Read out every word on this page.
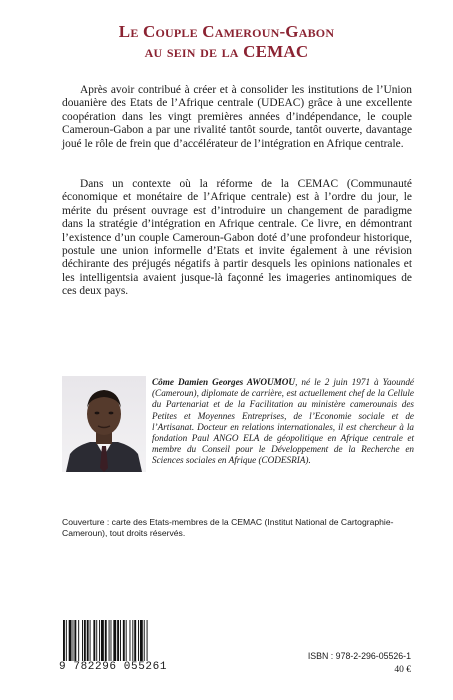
Le Couple Cameroun-Gabon
au sein de la CEMAC

Après avoir contribué à créer et à consolider les institutions de l’Union douanière des Etats de l’Afrique centrale (UDEAC) grâce à une excellente coopération dans les vingt premières années d’indépendance, le couple Cameroun-Gabon a par une rivalité tantôt sourde, tantôt ouverte, davantage joué le rôle de frein que d’accélérateur de l’intégration en Afrique centrale.

Dans un contexte où la réforme de la CEMAC (Communauté économique et monétaire de l’Afrique centrale) est à l’ordre du jour, le mérite du présent ouvrage est d’introduire un changement de paradigme dans la stratégie d’intégration en Afrique centrale. Ce livre, en démontrant l’existence d’un couple Cameroun-Gabon doté d’une profondeur historique, postule une union informelle d’Etats et invite également à une révision déchirante des préjugés négatifs à partir desquels les opinions nationales et les intelligentsia avaient jusque-là façonné les imageries antinomiques de ces deux pays.

Côme Damien Georges AWOUMOU, né le 2 juin 1971 à Yaoundé (Cameroun), diplomate de carrière, est actuellement chef de la Cellule du Partenariat et de la Facilitation au ministère camerounais des Petites et Moyennes Entreprises, de l’Economie sociale et de l’Artisanat. Docteur en relations internationales, il est chercheur à la fondation Paul ANGO ELA de géopolitique en Afrique centrale et membre du Conseil pour le Développement de la Recherche en Sciences sociales en Afrique (CODESRIA).

Couverture : carte des Etats-membres de la CEMAC (Institut National de Cartographie-Cameroun), tout droits réservés.

9 782296 055261
ISBN : 978-2-296-05526-1
40 €
